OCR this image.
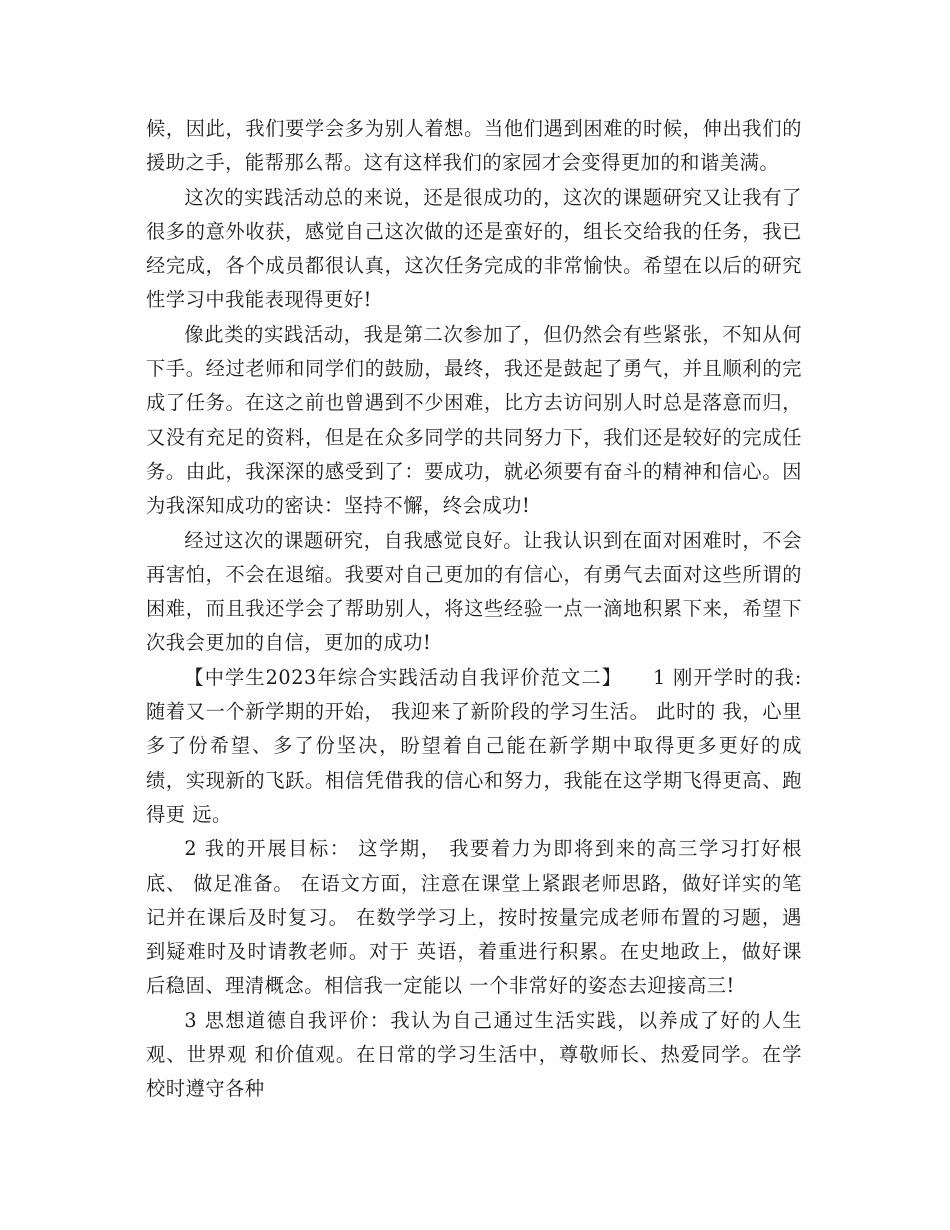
候，因此，我们要学会多为别人着想。当他们遇到困难的时候，伸出我们的援助之手，能帮那么帮。这有这样我们的家园才会变得更加的和谐美满。

这次的实践活动总的来说，还是很成功的，这次的课题研究又让我有了很多的意外收获，感觉自己这次做的还是蛮好的，组长交给我的任务，我已经完成，各个成员都很认真，这次任务完成的非常愉快。希望在以后的研究性学习中我能表现得更好!

像此类的实践活动，我是第二次参加了，但仍然会有些紧张，不知从何下手。经过老师和同学们的鼓励，最终，我还是鼓起了勇气，并且顺利的完成了任务。在这之前也曾遇到不少困难，比方去访问别人时总是落意而归，又没有充足的资料，但是在众多同学的共同努力下，我们还是较好的完成任务。由此，我深深的感受到了：要成功，就必须要有奋斗的精神和信心。因为我深知成功的密诀：坚持不懈，终会成功!

经过这次的课题研究，自我感觉良好。让我认识到在面对困难时，不会再害怕，不会在退缩。我要对自己更加的有信心，有勇气去面对这些所谓的困难，而且我还学会了帮助别人，将这些经验一点一滴地积累下来，希望下次我会更加的自信，更加的成功!

【中学生2023年综合实践活动自我评价范文二】　　1 刚开学时的我:随着又一个新学期的开始， 我迎来了新阶段的学习生活。 此时的 我，心里多了份希望、多了份坚决，盼望着自己能在新学期中取得更多更好的成 绩，实现新的飞跃。相信凭借我的信心和努力，我能在这学期飞得更高、跑得更 远。

2 我的开展目标： 这学期， 我要着力为即将到来的高三学习打好根底、 做足准备。 在语文方面，注意在课堂上紧跟老师思路，做好详实的笔记并在课后及时复习。 在数学学习上，按时按量完成老师布置的习题，遇到疑难时及时请教老师。对于 英语，着重进行积累。在史地政上，做好课后稳固、理清概念。相信我一定能以 一个非常好的姿态去迎接高三!

3 思想道德自我评价：我认为自己通过生活实践，以养成了好的人生观、世界观 和价值观。在日常的学习生活中，尊敬师长、热爱同学。在学校时遵守各种
